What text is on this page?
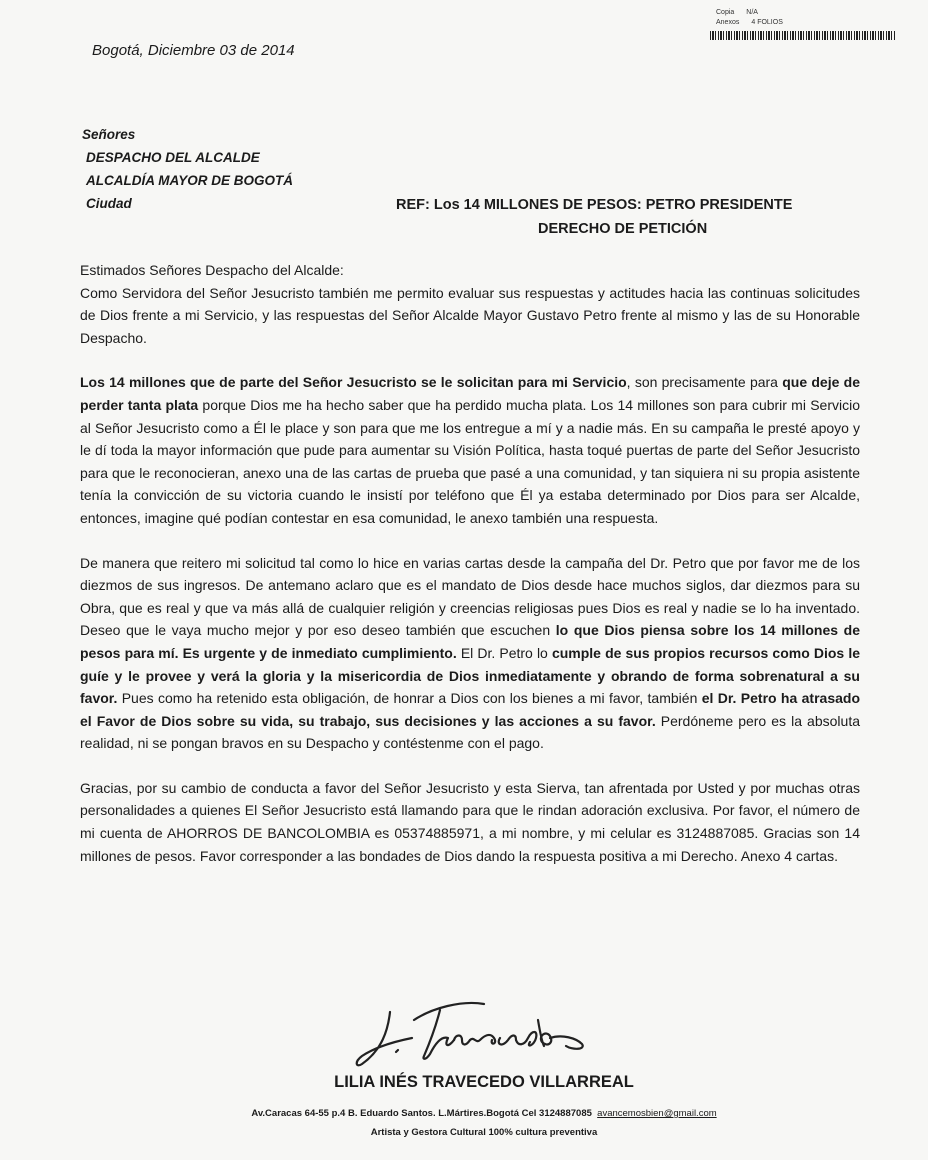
Copia N/A
Anexos 4 FOLIOS
Bogotá, Diciembre 03 de 2014
Señores
DESPACHO DEL ALCALDE
ALCALDÍA MAYOR DE BOGOTÁ
Ciudad	REF: Los 14 MILLONES DE PESOS: PETRO PRESIDENTE
DERECHO DE PETICIÓN

Estimados Señores Despacho del Alcalde:
Como Servidora del Señor Jesucristo también me permito evaluar sus respuestas y actitudes hacia las continuas solicitudes de Dios frente a mi Servicio, y las respuestas del Señor Alcalde Mayor Gustavo Petro frente al mismo y las de su Honorable Despacho.

Los 14 millones que de parte del Señor Jesucristo se le solicitan para mi Servicio, son precisamente para que deje de perder tanta plata porque Dios me ha hecho saber que ha perdido mucha plata. Los 14 millones son para cubrir mi Servicio al Señor Jesucristo como a Él le place y son para que me los entregue a mí y a nadie más. En su campaña le presté apoyo y le dí toda la mayor información que pude para aumentar su Visión Política, hasta toqué puertas de parte del Señor Jesucristo para que le reconocieran, anexo una de las cartas de prueba que pasé a una comunidad, y tan siquiera ni su propia asistente tenía la convicción de su victoria cuando le insistí por teléfono que Él ya estaba determinado por Dios para ser Alcalde, entonces, imagine qué podían contestar en esa comunidad, le anexo también una respuesta.

De manera que reitero mi solicitud tal como lo hice en varias cartas desde la campaña del Dr. Petro que por favor me de los diezmos de sus ingresos. De antemano aclaro que es el mandato de Dios desde hace muchos siglos, dar diezmos para su Obra, que es real y que va más allá de cualquier religión y creencias religiosas pues Dios es real y nadie se lo ha inventado. Deseo que le vaya mucho mejor y por eso deseo también que escuchen lo que Dios piensa sobre los 14 millones de pesos para mí. Es urgente y de inmediato cumplimiento. El Dr. Petro lo cumple de sus propios recursos como Dios le guíe y le provee y verá la gloria y la misericordia de Dios inmediatamente y obrando de forma sobrenatural a su favor. Pues como ha retenido esta obligación, de honrar a Dios con los bienes a mi favor, también el Dr. Petro ha atrasado el Favor de Dios sobre su vida, su trabajo, sus decisiones y las acciones a su favor. Perdóneme pero es la absoluta realidad, ni se pongan bravos en su Despacho y contéstenme con el pago.

Gracias, por su cambio de conducta a favor del Señor Jesucristo y esta Sierva, tan afrentada por Usted y por muchas otras personalidades a quienes El Señor Jesucristo está llamando para que le rindan adoración exclusiva. Por favor, el número de mi cuenta de AHORROS DE BANCOLOMBIA es 05374885971, a mi nombre, y mi celular es 3124887085. Gracias son 14 millones de pesos. Favor corresponder a las bondades de Dios dando la respuesta positiva a mi Derecho. Anexo 4 cartas.

LILIA INÉS TRAVECEDO VILLARREAL
Av.Caracas 64-55 p.4 B. Eduardo Santos. L.Mártires.Bogotá Cel 3124887085 avancemosbien@gmail.com
Artista y Gestora Cultural 100% cultura preventiva
